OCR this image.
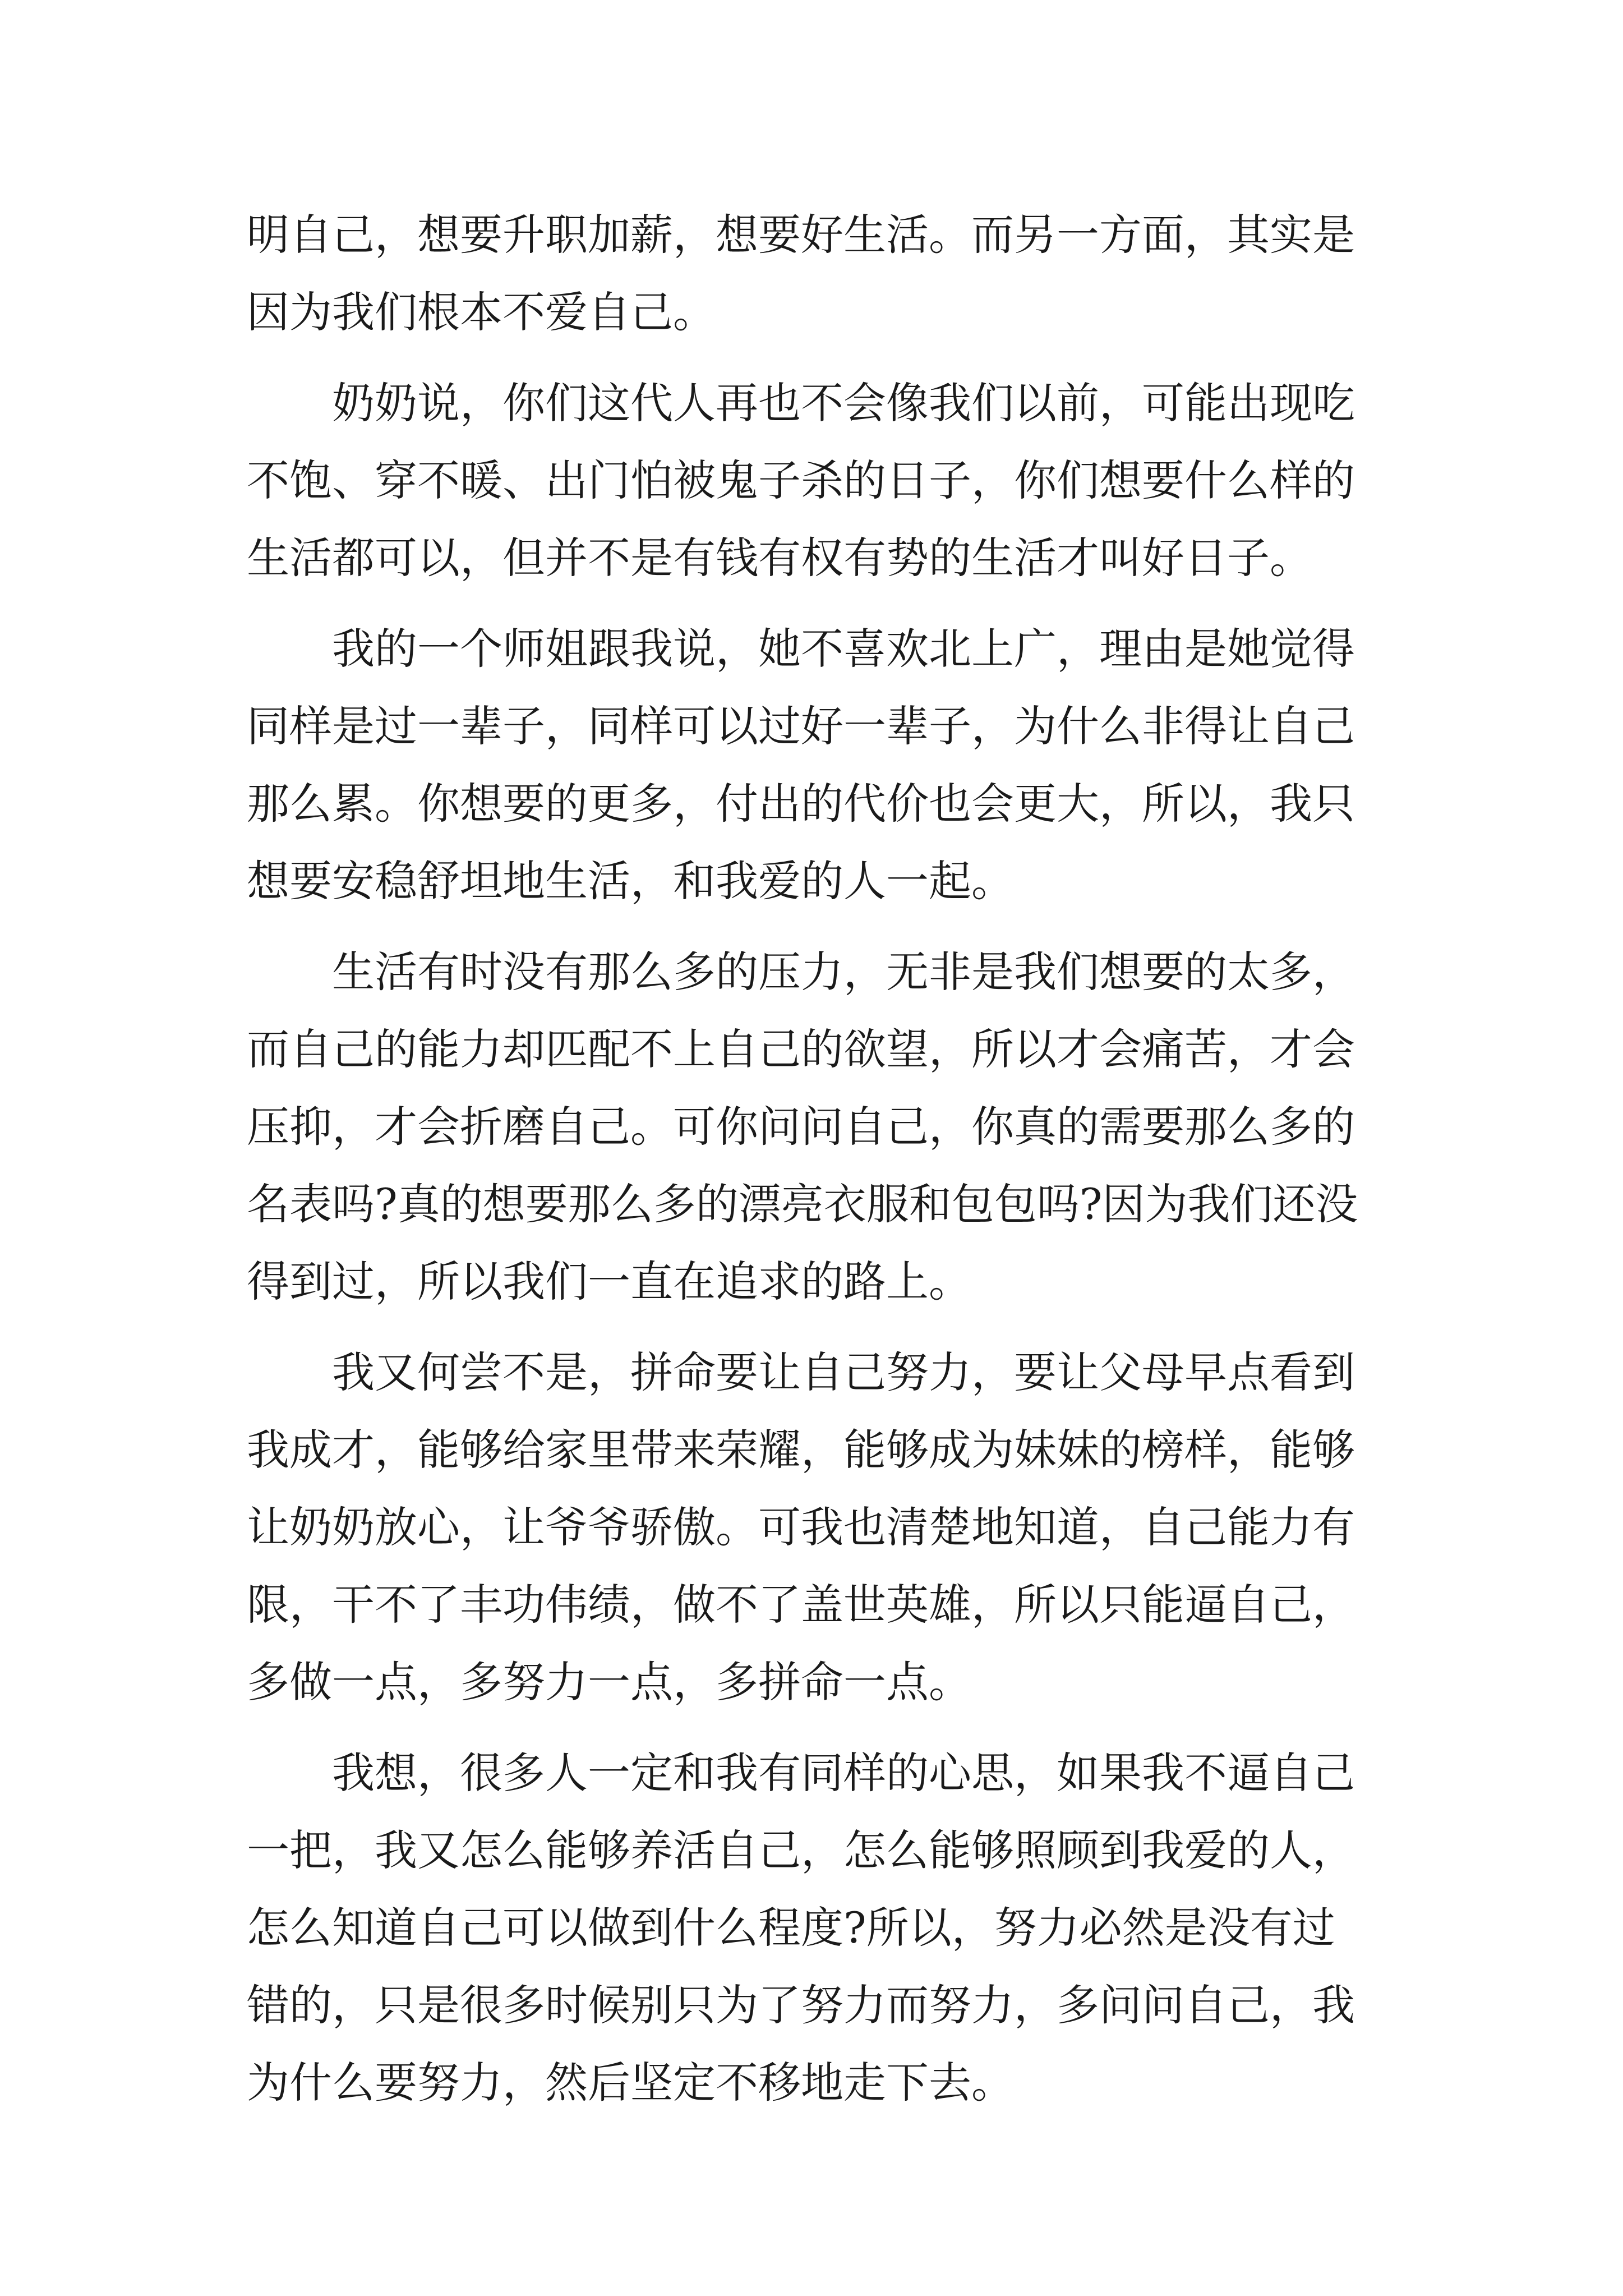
明自己，想要升职加薪，想要好生活。而另一方面，其实是
因为我们根本不爱自己。
　　奶奶说，你们这代人再也不会像我们以前，可能出现吃
不饱、穿不暖、出门怕被鬼子杀的日子，你们想要什么样的
生活都可以，但并不是有钱有权有势的生活才叫好日子。
　　我的一个师姐跟我说，她不喜欢北上广，理由是她觉得
同样是过一辈子，同样可以过好一辈子，为什么非得让自己
那么累。你想要的更多，付出的代价也会更大，所以，我只
想要安稳舒坦地生活，和我爱的人一起。
　　生活有时没有那么多的压力，无非是我们想要的太多，
而自己的能力却匹配不上自己的欲望，所以才会痛苦，才会
压抑，才会折磨自己。可你问问自己，你真的需要那么多的
名表吗?真的想要那么多的漂亮衣服和包包吗?因为我们还没
得到过，所以我们一直在追求的路上。
　　我又何尝不是，拼命要让自己努力，要让父母早点看到
我成才，能够给家里带来荣耀，能够成为妹妹的榜样，能够
让奶奶放心，让爷爷骄傲。可我也清楚地知道，自己能力有
限，干不了丰功伟绩，做不了盖世英雄，所以只能逼自己，
多做一点，多努力一点，多拼命一点。
　　我想，很多人一定和我有同样的心思，如果我不逼自己
一把，我又怎么能够养活自己，怎么能够照顾到我爱的人，
怎么知道自己可以做到什么程度?所以，努力必然是没有过
错的，只是很多时候别只为了努力而努力，多问问自己，我
为什么要努力，然后坚定不移地走下去。
